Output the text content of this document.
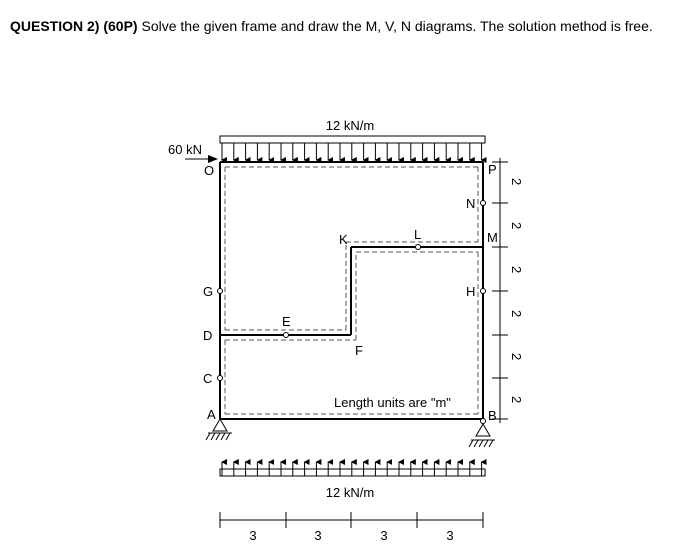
QUESTION 2) (60P) Solve the given frame and draw the M, V, N diagrams. The solution method is free.
12 kN/m
60 kN
O	P
N
M
K	L
G	H
E
D
F
C
A	B
2
2
2
2
2
2
Length units are "m"
12 kN/m
3	3	3	3
